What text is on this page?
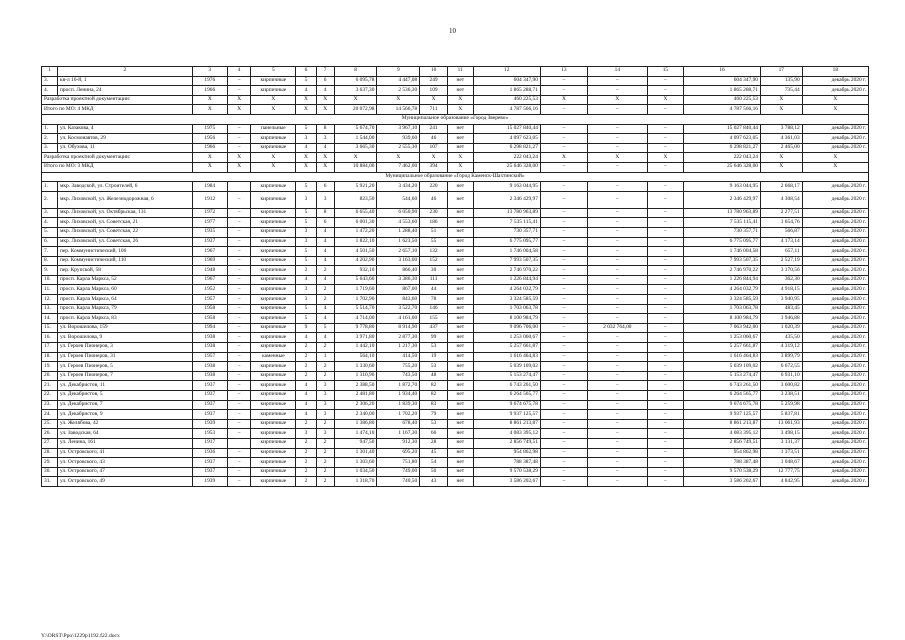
10
1	2	3	4	5	6	7	8	9	10	11	12	13	14	15	16	17	18
3.	кв-л 16-й, 1	1976	–	кирпичные	5	6	6 095,78	4 447,08	249	нет	604 347,90	–	–	–	604 347,90	135,90	декабрь 2020 г.
4.	просп. Ленина, 24	1966	–	кирпичные	4	4	3 637,30	2 536,30	109	нет	1 865 288,71	–	–	–	1 865 288,71	735,44	декабрь 2020 г.
Разработка проектной документации:		Х	Х	Х	Х	Х	Х	Х	Х	Х	460 225,53	Х	Х	Х	460 225,53	Х	Х
Итого по МО: 4 МКД		Х	Х	Х	Х	Х	20 072,98	14 566,78	711	Х	4 787 566,16	–	–	–	4 787 566,16	Х	Х
Муниципальное образование «Город Зверево»																	
1.	ул. Казакова, 4	1975	–	панельные	5	8	5 674,70	3 967,10	241	нет	15 027 840,44	–	–	–	15 027 840,44	3 788,12	декабрь 2020 г.
2.	ул. Космонавтов, 29	1956	–	кирпичные	3	3	1 544,00	939,60	46	нет	4 097 623,05	–	–	–	4 097 623,05	4 361,03	декабрь 2020 г.
3.	ул. Обухова, 11	1966	–	кирпичные	4	4	3 665,30	2 555,30	107	нет	6 298 821,27	–	–	–	6 298 821,27	2 465,00	декабрь 2020 г.
Разработка проектной документации:		Х	Х	Х	Х	Х	Х	Х	Х	Х	222 043,24	Х	Х	Х	222 043,24	Х	Х
Итого по МО: 3 МКД		Х	Х	Х	Х	Х	10 884,00	7 462,00	394	Х	25 646 328,00	–	–	–	25 646 328,00	Х	Х
Муниципальное образование «Город Каменск-Шахтинский»																	
1.	мкр. Заводской, ул. Строителей, 6	1984		кирпичные	5	6	5 921,20	3 434,20	220	нет	9 163 044,95	–	–	–	9 163 044,95	2 668,17	декабрь 2020 г.
2.	мкр. Лиховской, ул. Железнодорожная, 6	1912	–	кирпичные	3	3	823,50	544,60	46	нет	2 346 429,97	–	–	–	2 346 429,97	4 308,54	декабрь 2020 г.
3.	мкр. Лиховской, ул. Октябрьская, 131	1972	–	кирпичные	5	8	6 655,40	6 050,90	230	нет	13 780 963,89	–	–	–	13 780 963,89	2 277,51	декабрь 2020 г.
4.	мкр. Лиховской, ул. Советская, 21	1977	–	кирпичные	5	6	6 001,30	4 553,60	186	нет	7 535 115,41	–	–	–	7 535 115,41	1 654,76	декабрь 2020 г.
5.	мкр. Лиховской, ул. Советская, 22	1935	–	кирпичные	3	4	1 472,20	1 288,40	51	нет	730 357,71	–	–	–	730 357,71	566,87	декабрь 2020 г.
6.	мкр. Лиховской, ул. Советская, 26	1937	–	кирпичные	3	4	1 822,10	1 623,50	55	нет	6 775 095,77	–	–	–	6 775 095,77	4 173,14	декабрь 2020 г.
7.	пер. Коммунистический, 106	1967	–	кирпичные	5	4	4 501,50	2 657,10	132	нет	1 746 004,58	–	–	–	1 746 004,58	657,11	декабрь 2020 г.
8.	пер. Коммунистический, 110	1969	–	кирпичные	5	4	4 202,90	3 163,00	152	нет	7 993 507,35	–	–	–	7 993 507,35	2 527,19	декабрь 2020 г.
9.	пер. Крупской, 58	1948	–	кирпичные	2	2	932,10	866,40	30	нет	2 746 970,22	–	–	–	2 746 970,22	3 170,56	декабрь 2020 г.
10.	просп. Карла Маркса, 52	1967	–	кирпичные	4	4	5 643,60	3 386,30	111	нет	1 226 844,94	–	–	–	1 226 844,94	362,30	декабрь 2020 г.
11.	просп. Карла Маркса, 60	1952	–	кирпичные	3	2	1 719,60	867,00	44	нет	4 264 032,79	–	–	–	4 264 032,79	4 918,15	декабрь 2020 г.
12.	просп. Карла Маркса, 64	1957	–	кирпичные	3	2	1 702,90	843,60	78	нет	3 324 585,59	–	–	–	3 324 585,59	3 940,95	декабрь 2020 г.
13.	просп. Карла Маркса, 79	1958	–	кирпичные	5	4	5 514,70	3 522,70	146	нет	1 703 063,78	–	–	–	1 703 063,78	483,45	декабрь 2020 г.
14.	просп. Карла Маркса, 83	1958	–	кирпичные	5	4	4 714,00	4 161,00	155	нет	8 100 984,79	–	–	–	8 100 984,79	1 946,88	декабрь 2020 г.
15.	ул. Ворошилова, 159	1994	–	кирпичные	9	5	9 778,80	8 914,90	437	нет	9 096 706,00	–	2 032 764,00	–	7 063 942,00	1 020,39	декабрь 2020 г.
16.	ул. Ворошилова, 9	1938	–	кирпичные	4	4	3 971,80	2 877,30	99	нет	1 253 060,67	–	–	–	1 253 060,67	435,50	декабрь 2020 г.
17.	ул. Героев Пионеров, 3	1938	–	кирпичные	2	2	1 442,10	1 217,30	53	нет	5 257 661,87	–	–	–	5 257 661,87	4 319,12	декабрь 2020 г.
18.	ул. Героев Пионеров, 31	1957	–	каменные	2	1	564,10	414,50	19	нет	1 616 464,83	–	–	–	1 616 464,83	3 899,79	декабрь 2020 г.
19.	ул. Героев Пионеров, 5	1938	–	кирпичные	2	2	1 330,60	755,20	53	нет	5 039 109,02	–	–	–	5 039 109,02	6 672,55	декабрь 2020 г.
20.	ул. Героев Пионеров, 7	1938	–	кирпичные	2	2	1 310,90	743,50	48	нет	5 153 274,47	–	–	–	5 153 274,47	6 931,10	декабрь 2020 г.
21.	ул. Декабристов, 11	1937	–	кирпичные	4	3	2 388,50	1 872,70	82	нет	6 743 261,50	–	–	–	6 743 261,50	3 600,82	декабрь 2020 г.
22.	ул. Декабристов, 5	1937	–	кирпичные	4	3	2 481,80	1 934,40	82	нет	6 264 565,77	–	–	–	6 264 565,77	3 238,51	декабрь 2020 г.
23.	ул. Декабристов, 7	1937	–	кирпичные	4	3	2 306,20	1 839,30	83	нет	9 674 675,78	–	–	–	9 674 675,78	5 259,98	декабрь 2020 г.
24.	ул. Декабристов, 9	1937	–	кирпичные	4	3	2 340,00	1 702,20	79	нет	9 937 125,57	–	–	–	9 937 125,57	5 837,81	декабрь 2020 г.
25.	ул. Желябова, 42	1939	–	кирпичные	2	2	1 386,80	678,40	53	нет	8 861 213,87	–	–	–	8 861 213,87	13 061,93	декабрь 2020 г.
26.	ул. Заводская, 64	1953	–	кирпичные	3	3	1 474,10	1 167,30	66	нет	4 083 395,12	–	–	–	4 083 395,12	3 498,15	декабрь 2020 г.
27.	ул. Ленина, 161	1917		кирпичные	2	2	947,50	912,30	28	нет	2 856 749,51	–	–	–	2 856 749,51	3 131,37	декабрь 2020 г.
28.	ул. Островского, 41	1936	–	кирпичные	2	2	1 301,40	695,20	45	нет	954 862,98	–	–	–	954 862,98	1 373,51	декабрь 2020 г.
29.	ул. Островского, 43	1937	–	кирпичные	2	2	1 303,60	751,80	54	нет	788 387,48	–	–	–	788 387,48	1 048,67	декабрь 2020 г.
30.	ул. Островского, 47	1937	–	кирпичные	2	2	1 034,50	749,00	50	нет	9 570 538,29	–	–	–	9 570 538,29	12 777,75	декабрь 2020 г.
31.	ул. Островского, 49	1939	–	кирпичные	2	2	1 318,70	740,50	43	нет	3 586 202,67	–	–	–	3 586 202,67	4 842,95	декабрь 2020 г.
Y:\ORST\Ppo\1229p1192.f22.docx
